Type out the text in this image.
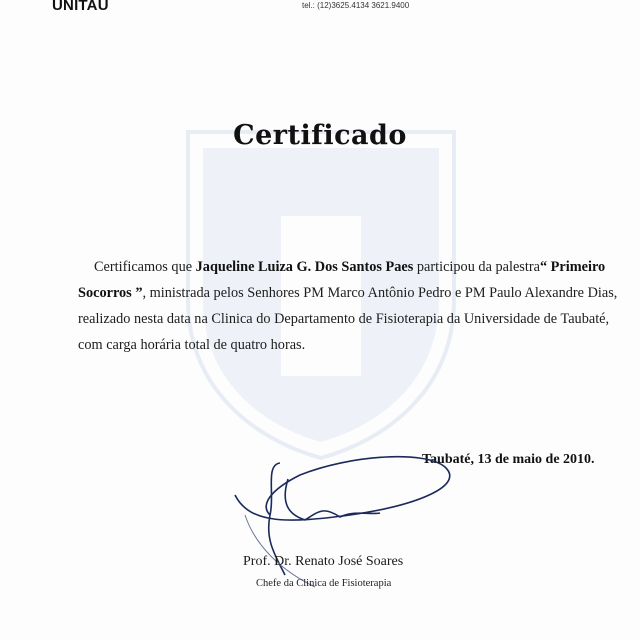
UNITAU	tel.: (12)3625.4134 3621.9400
Certificado
Certificamos que Jaqueline Luiza G. Dos Santos Paes participou da palestra“ Primeiro
Socorros ”, ministrada pelos Senhores PM Marco Antônio Pedro e PM Paulo Alexandre Dias,
realizado nesta data na Clinica do Departamento de Fisioterapia da Universidade de Taubaté,
com carga horária total de quatro horas.
Taubaté, 13 de maio de 2010.
Prof. Dr. Renato José Soares
Chefe da Clinica de Fisioterapia
